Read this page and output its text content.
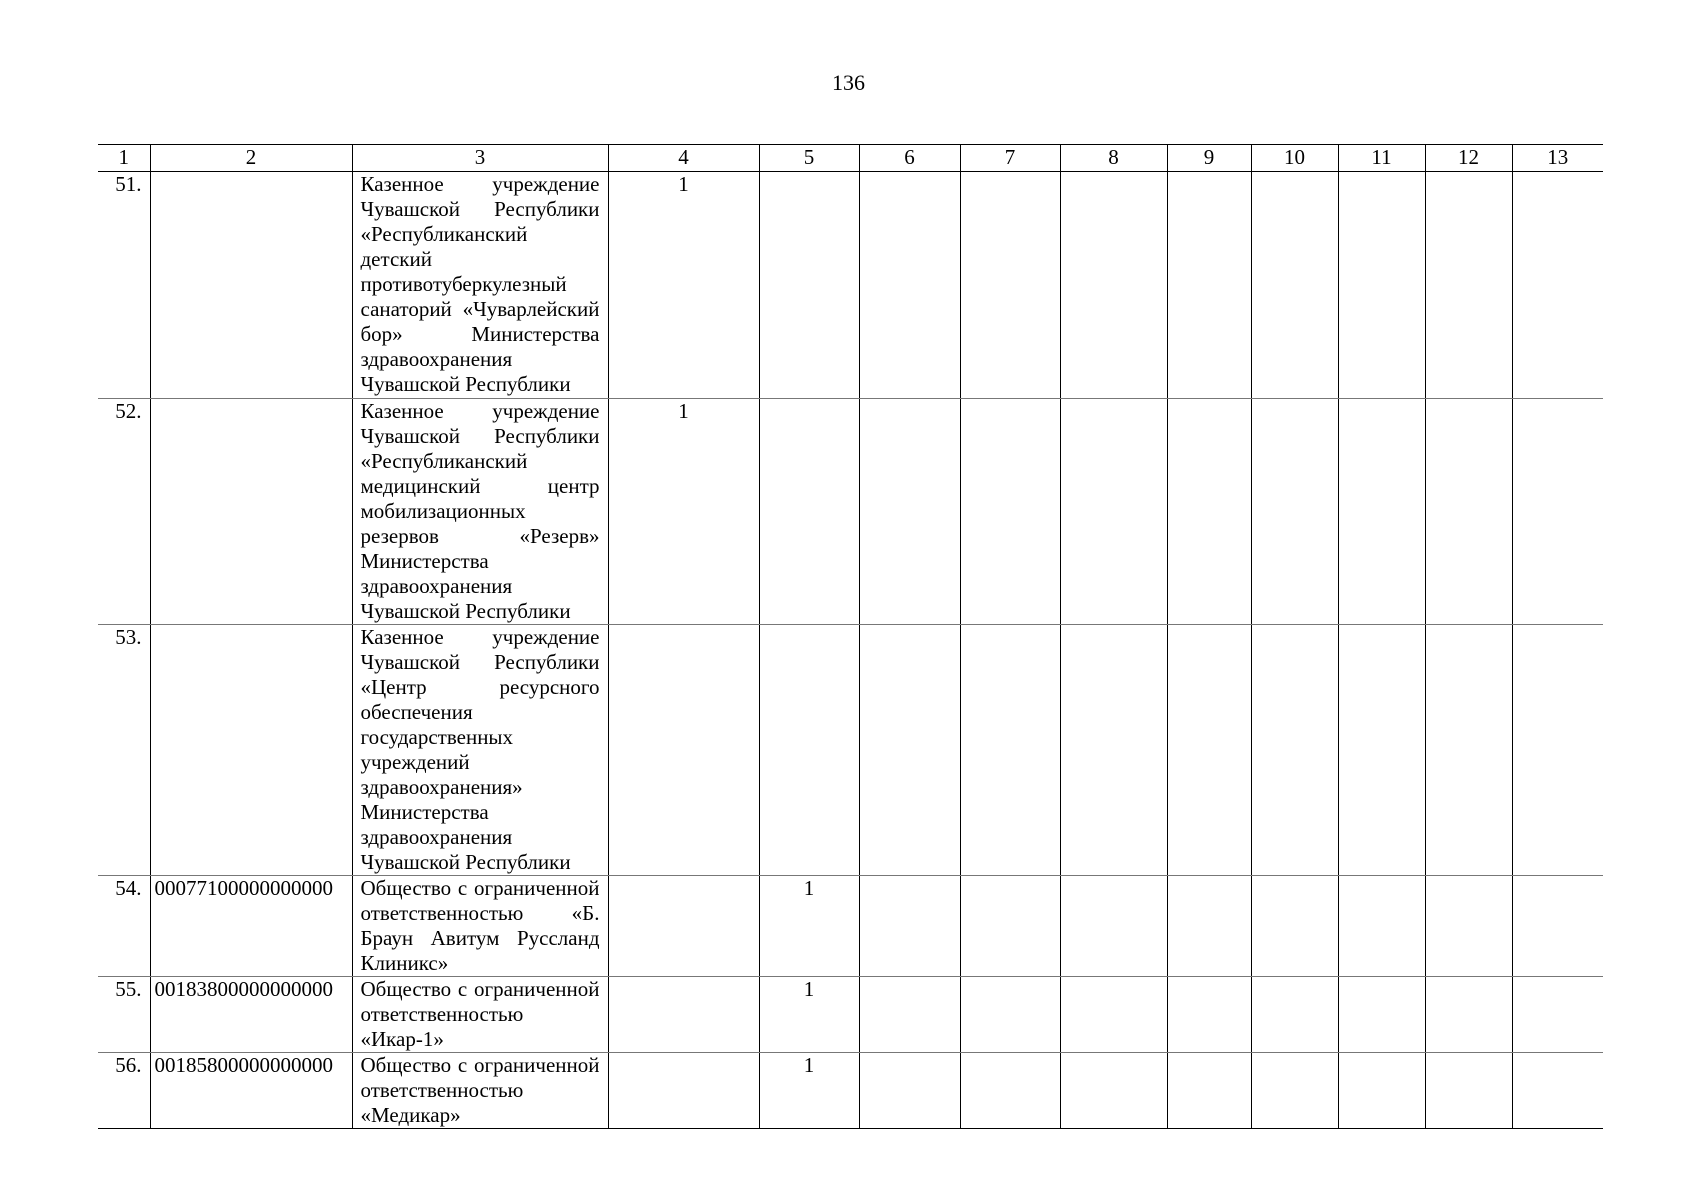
136
1	2	3	4	5	6	7	8	9	10	11	12	13
51.		Казенное учреждение Чувашской Республики «Республиканский детский противотуберкулезный санаторий «Чуварлейский бор» Министерства здравоохранения Чувашской Республики	1									
52.		Казенное учреждение Чувашской Республики «Республиканский медицинский центр мобилизационных резервов «Резерв» Министерства здравоохранения Чувашской Республики	1									
53.		Казенное учреждение Чувашской Республики «Центр ресурсного обеспечения государственных учреждений здравоохранения» Министерства здравоохранения Чувашской Республики										
54.	00077100000000000	Общество с ограниченной ответственностью «Б. Браун Авитум Руссланд Клиникс»		1								
55.	00183800000000000	Общество с ограниченной ответственностью «Икар-1»		1								
56.	00185800000000000	Общество с ограниченной ответственностью «Медикар»		1								
